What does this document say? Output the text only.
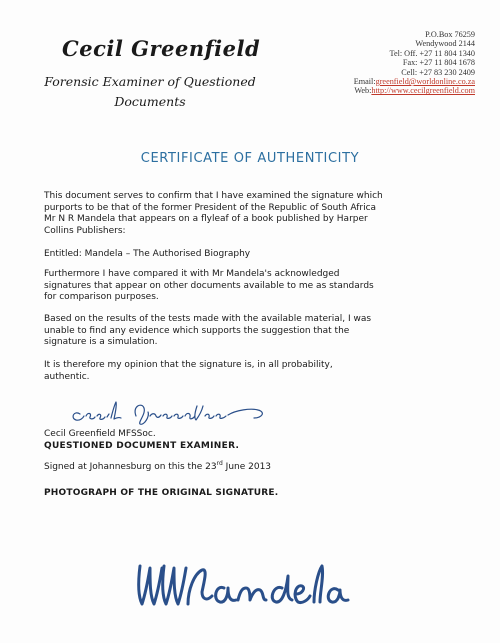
Cecil Greenfield
Forensic Examiner of Questioned
Documents
P.O.Box 76259
Wendywood 2144
Tel: Off. +27 11 804 1340
Fax: +27 11 804 1678
Cell: +27 83 230 2409
Email:greenfield@worldonline.co.za
Web:http://www.cecilgreenfield.com
CERTIFICATE OF AUTHENTICITY
This document serves to confirm that I have examined the signature which
purports to be that of the former President of the Republic of South Africa
Mr N R Mandela that appears on a flyleaf of a book published by Harper
Collins Publishers:
Entitled: Mandela – The Authorised Biography
Furthermore I have compared it with Mr Mandela's acknowledged
signatures that appear on other documents available to me as standards
for comparison purposes.
Based on the results of the tests made with the available material, I was
unable to find any evidence which supports the suggestion that the
signature is a simulation.
It is therefore my opinion that the signature is, in all probability,
authentic.
Cecil Greenfield MFSSoc.
QUESTIONED DOCUMENT EXAMINER.
Signed at Johannesburg on this the 23rd June 2013
PHOTOGRAPH OF THE ORIGINAL SIGNATURE.
